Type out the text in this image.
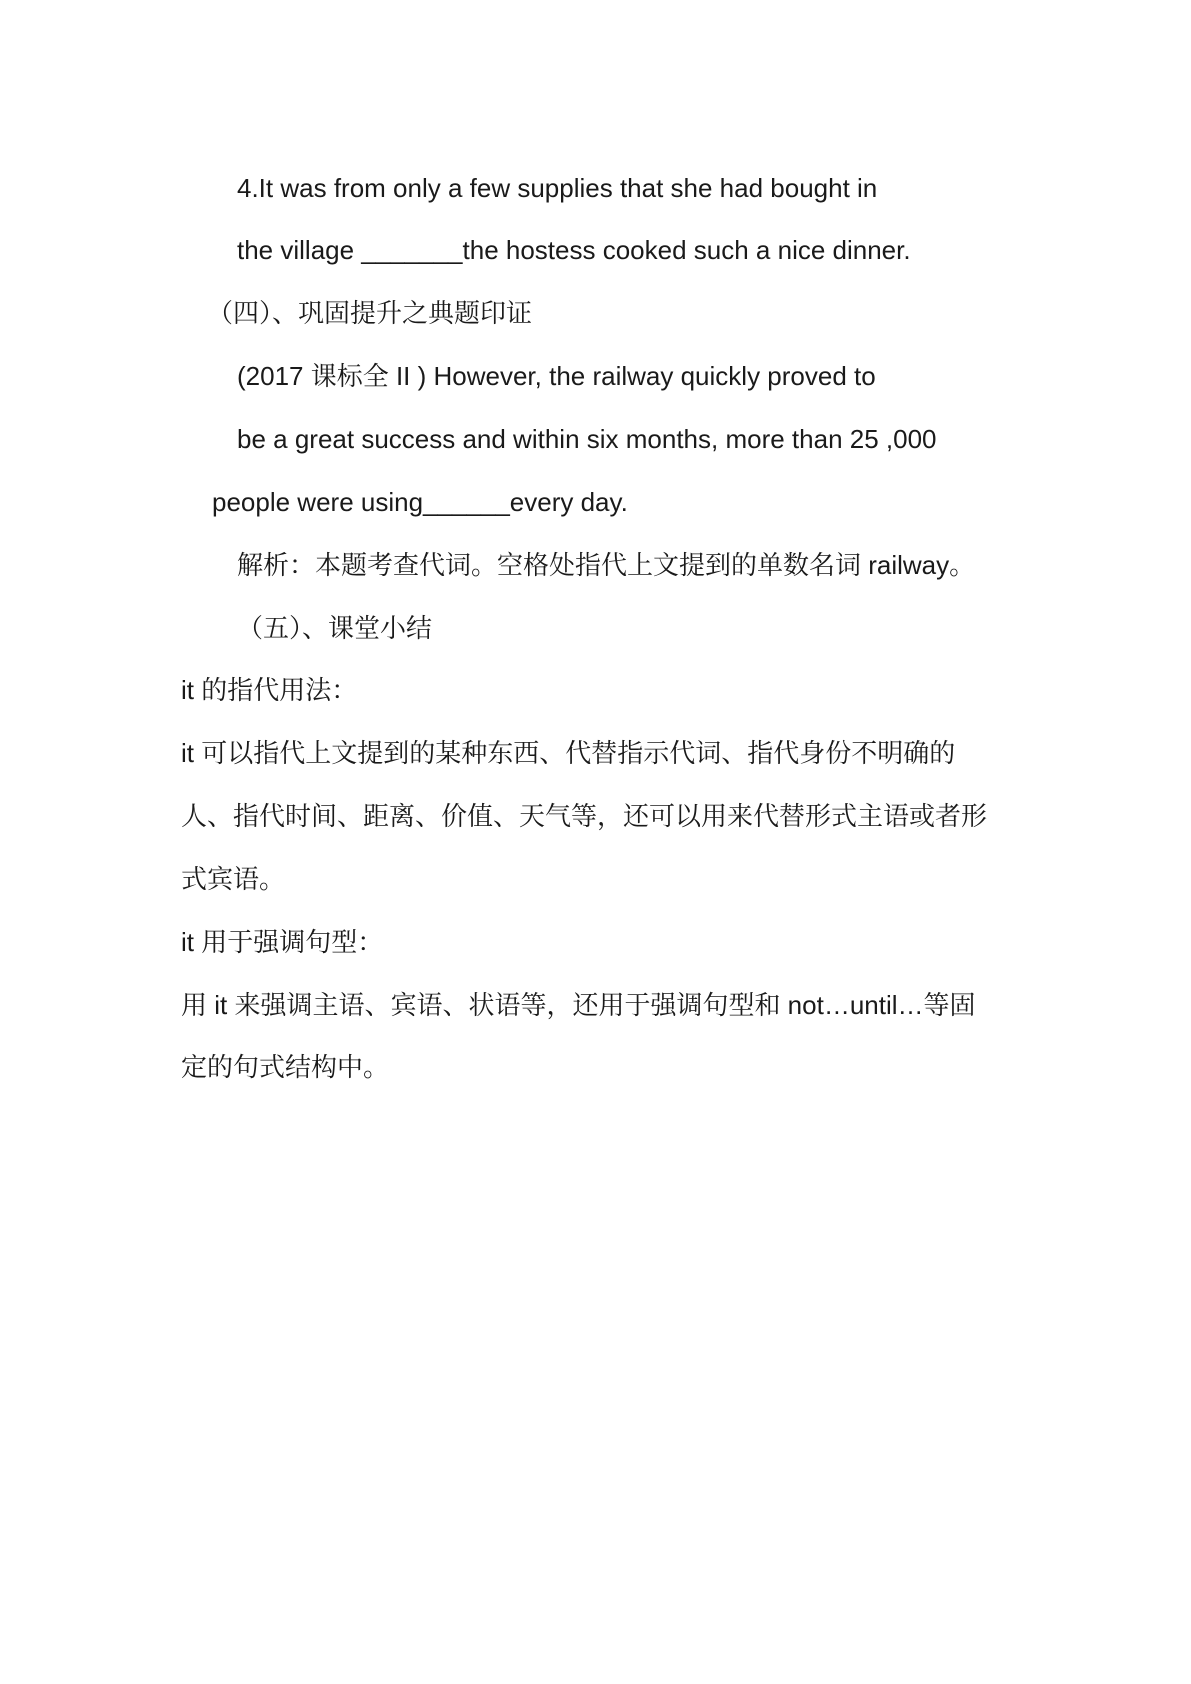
4.It was from only a few supplies that she had bought in
the village _______the hostess cooked such a nice dinner.
（四）、巩固提升之典题印证
(2017 课标全 II ) However, the railway quickly proved to
be a great success and within six months, more than 25 ,000
people were using______every day.
解析：本题考查代词。空格处指代上文提到的单数名词 railway。
（五）、课堂小结
it 的指代用法：
it 可以指代上文提到的某种东西、代替指示代词、指代身份不明确的
人、指代时间、距离、价值、天气等，还可以用来代替形式主语或者形
式宾语。
it 用于强调句型：
用 it 来强调主语、宾语、状语等，还用于强调句型和 not…until…等固
定的句式结构中。
